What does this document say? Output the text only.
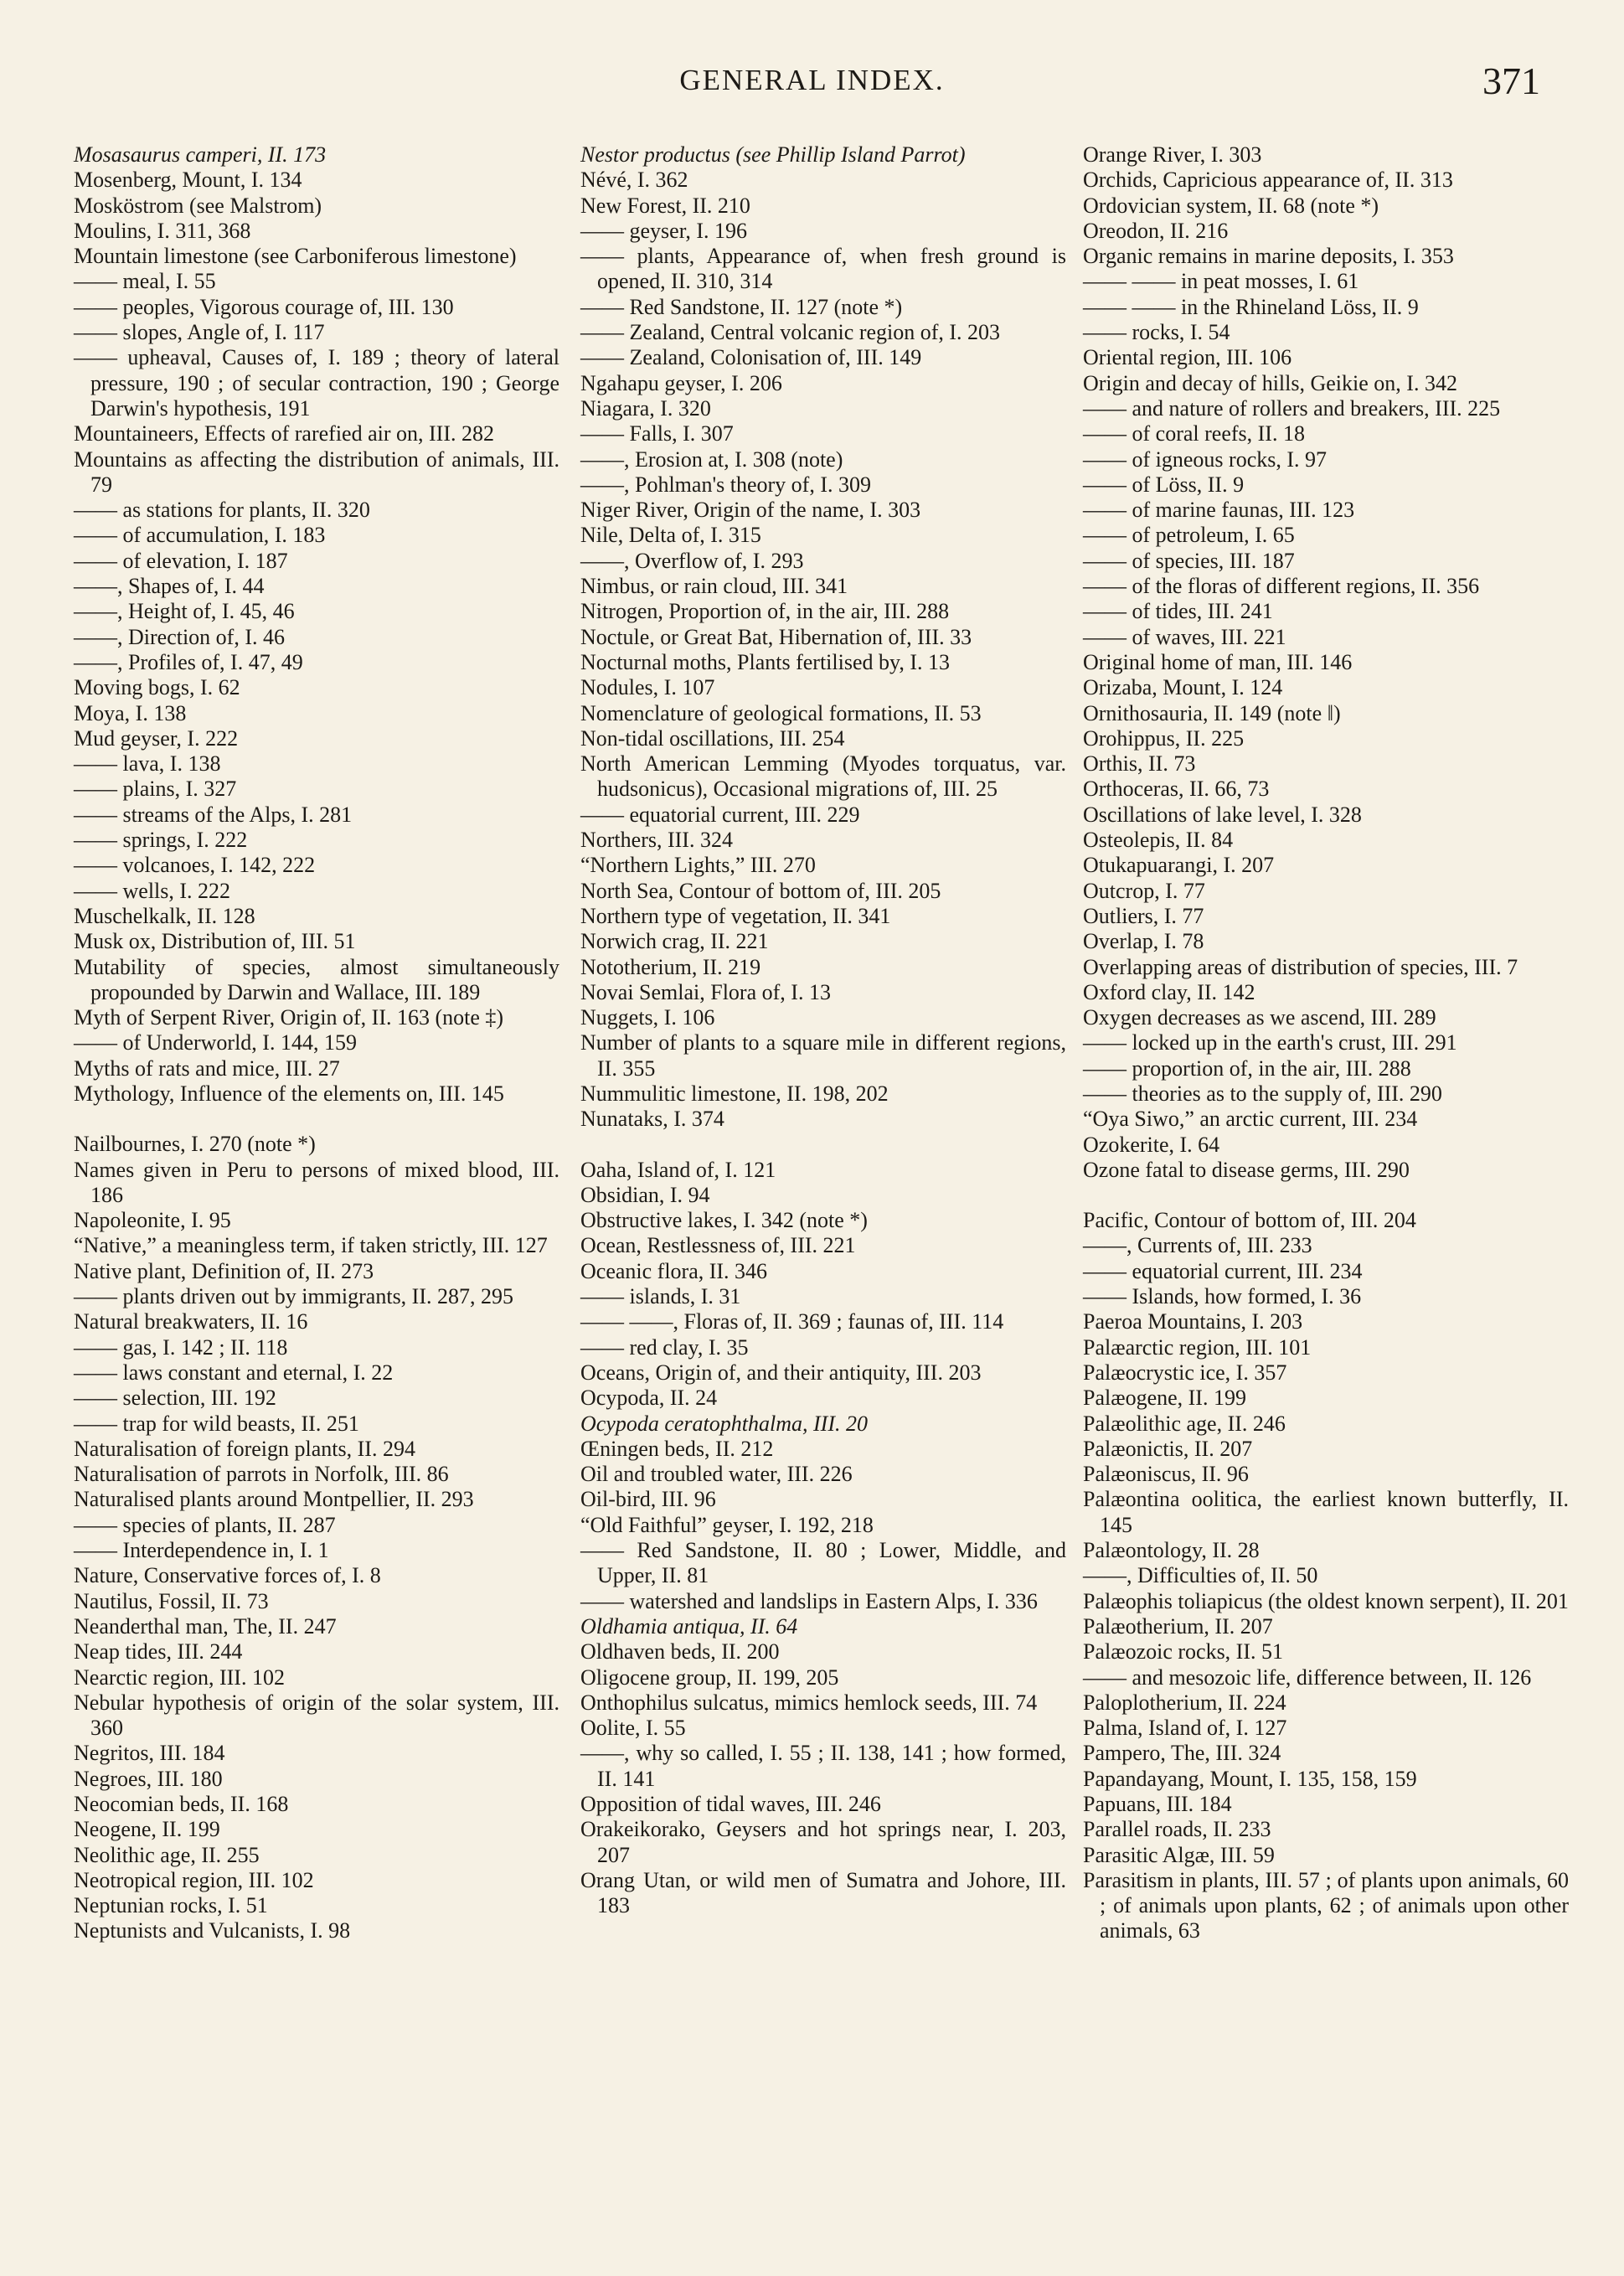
GENERAL INDEX.	371
Mosasaurus camperi, II. 173
Mosenberg, Mount, I. 134
Mosköstrom (see Malstrom)
Moulins, I. 311, 368
Mountain limestone (see Carboniferous limestone)
—— meal, I. 55
—— peoples, Vigorous courage of, III. 130
—— slopes, Angle of, I. 117
—— upheaval, Causes of, I. 189 ; theory of lateral pressure, 190 ; of secular contraction, 190 ; George Darwin's hypothesis, 191
Mountaineers, Effects of rarefied air on, III. 282
Mountains as affecting the distribution of animals, III. 79
—— as stations for plants, II. 320
—— of accumulation, I. 183
—— of elevation, I. 187
——, Shapes of, I. 44
——, Height of, I. 45, 46
——, Direction of, I. 46
——, Profiles of, I. 47, 49
Moving bogs, I. 62
Moya, I. 138
Mud geyser, I. 222
—— lava, I. 138
—— plains, I. 327
—— streams of the Alps, I. 281
—— springs, I. 222
—— volcanoes, I. 142, 222
—— wells, I. 222
Muschelkalk, II. 128
Musk ox, Distribution of, III. 51
Mutability of species, almost simultaneously propounded by Darwin and Wallace, III. 189
Myth of Serpent River, Origin of, II. 163 (note ‡)
—— of Underworld, I. 144, 159
Myths of rats and mice, III. 27
Mythology, Influence of the elements on, III. 145
Nailbournes, I. 270 (note *)
Names given in Peru to persons of mixed blood, III. 186
Napoleonite, I. 95
“Native,” a meaningless term, if taken strictly, III. 127
Native plant, Definition of, II. 273
—— plants driven out by immigrants, II. 287, 295
Natural breakwaters, II. 16
—— gas, I. 142 ; II. 118
—— laws constant and eternal, I. 22
—— selection, III. 192
—— trap for wild beasts, II. 251
Naturalisation of foreign plants, II. 294
Naturalisation of parrots in Norfolk, III. 86
Naturalised plants around Montpellier, II. 293
—— species of plants, II. 287
—— Interdependence in, I. 1
Nature, Conservative forces of, I. 8
Nautilus, Fossil, II. 73
Neanderthal man, The, II. 247
Neap tides, III. 244
Nearctic region, III. 102
Nebular hypothesis of origin of the solar system, III. 360
Negritos, III. 184
Negroes, III. 180
Neocomian beds, II. 168
Neogene, II. 199
Neolithic age, II. 255
Neotropical region, III. 102
Neptunian rocks, I. 51
Neptunists and Vulcanists, I. 98
Nestor productus (see Phillip Island Parrot)
Névé, I. 362
New Forest, II. 210
—— geyser, I. 196
—— plants, Appearance of, when fresh ground is opened, II. 310, 314
—— Red Sandstone, II. 127 (note *)
—— Zealand, Central volcanic region of, I. 203
—— Zealand, Colonisation of, III. 149
Ngahapu geyser, I. 206
Niagara, I. 320
—— Falls, I. 307
——, Erosion at, I. 308 (note)
——, Pohlman's theory of, I. 309
Niger River, Origin of the name, I. 303
Nile, Delta of, I. 315
——, Overflow of, I. 293
Nimbus, or rain cloud, III. 341
Nitrogen, Proportion of, in the air, III. 288
Noctule, or Great Bat, Hibernation of, III. 33
Nocturnal moths, Plants fertilised by, I. 13
Nodules, I. 107
Nomenclature of geological formations, II. 53
Non-tidal oscillations, III. 254
North American Lemming (Myodes torquatus, var. hudsonicus), Occasional migrations of, III. 25
—— equatorial current, III. 229
Northers, III. 324
“Northern Lights,” III. 270
North Sea, Contour of bottom of, III. 205
Northern type of vegetation, II. 341
Norwich crag, II. 221
Nototherium, II. 219
Novai Semlai, Flora of, I. 13
Nuggets, I. 106
Number of plants to a square mile in different regions, II. 355
Nummulitic limestone, II. 198, 202
Nunataks, I. 374
Oaha, Island of, I. 121
Obsidian, I. 94
Obstructive lakes, I. 342 (note *)
Ocean, Restlessness of, III. 221
Oceanic flora, II. 346
—— islands, I. 31
—— ——, Floras of, II. 369 ; faunas of, III. 114
—— red clay, I. 35
Oceans, Origin of, and their antiquity, III. 203
Ocypoda, II. 24
Ocypoda ceratophthalma, III. 20
Œningen beds, II. 212
Oil and troubled water, III. 226
Oil-bird, III. 96
“Old Faithful” geyser, I. 192, 218
—— Red Sandstone, II. 80 ; Lower, Middle, and Upper, II. 81
—— watershed and landslips in Eastern Alps, I. 336
Oldhamia antiqua, II. 64
Oldhaven beds, II. 200
Oligocene group, II. 199, 205
Onthophilus sulcatus, mimics hemlock seeds, III. 74
Oolite, I. 55
——, why so called, I. 55 ; II. 138, 141 ; how formed, II. 141
Opposition of tidal waves, III. 246
Orakeikorako, Geysers and hot springs near, I. 203, 207
Orang Utan, or wild men of Sumatra and Johore, III. 183
Orange River, I. 303
Orchids, Capricious appearance of, II. 313
Ordovician system, II. 68 (note *)
Oreodon, II. 216
Organic remains in marine deposits, I. 353
—— —— in peat mosses, I. 61
—— —— in the Rhineland Löss, II. 9
—— rocks, I. 54
Oriental region, III. 106
Origin and decay of hills, Geikie on, I. 342
—— and nature of rollers and breakers, III. 225
—— of coral reefs, II. 18
—— of igneous rocks, I. 97
—— of Löss, II. 9
—— of marine faunas, III. 123
—— of petroleum, I. 65
—— of species, III. 187
—— of the floras of different regions, II. 356
—— of tides, III. 241
—— of waves, III. 221
Original home of man, III. 146
Orizaba, Mount, I. 124
Ornithosauria, II. 149 (note ‖)
Orohippus, II. 225
Orthis, II. 73
Orthoceras, II. 66, 73
Oscillations of lake level, I. 328
Osteolepis, II. 84
Otukapuarangi, I. 207
Outcrop, I. 77
Outliers, I. 77
Overlap, I. 78
Overlapping areas of distribution of species, III. 7
Oxford clay, II. 142
Oxygen decreases as we ascend, III. 289
—— locked up in the earth's crust, III. 291
—— proportion of, in the air, III. 288
—— theories as to the supply of, III. 290
“Oya Siwo,” an arctic current, III. 234
Ozokerite, I. 64
Ozone fatal to disease germs, III. 290
Pacific, Contour of bottom of, III. 204
——, Currents of, III. 233
—— equatorial current, III. 234
—— Islands, how formed, I. 36
Paeroa Mountains, I. 203
Palæarctic region, III. 101
Palæocrystic ice, I. 357
Palæogene, II. 199
Palæolithic age, II. 246
Palæonictis, II. 207
Palæoniscus, II. 96
Palæontina oolitica, the earliest known butterfly, II. 145
Palæontology, II. 28
——, Difficulties of, II. 50
Palæophis toliapicus (the oldest known serpent), II. 201
Palæotherium, II. 207
Palæozoic rocks, II. 51
—— and mesozoic life, difference between, II. 126
Paloplotherium, II. 224
Palma, Island of, I. 127
Pampero, The, III. 324
Papandayang, Mount, I. 135, 158, 159
Papuans, III. 184
Parallel roads, II. 233
Parasitic Algæ, III. 59
Parasitism in plants, III. 57 ; of plants upon animals, 60 ; of animals upon plants, 62 ; of animals upon other animals, 63
